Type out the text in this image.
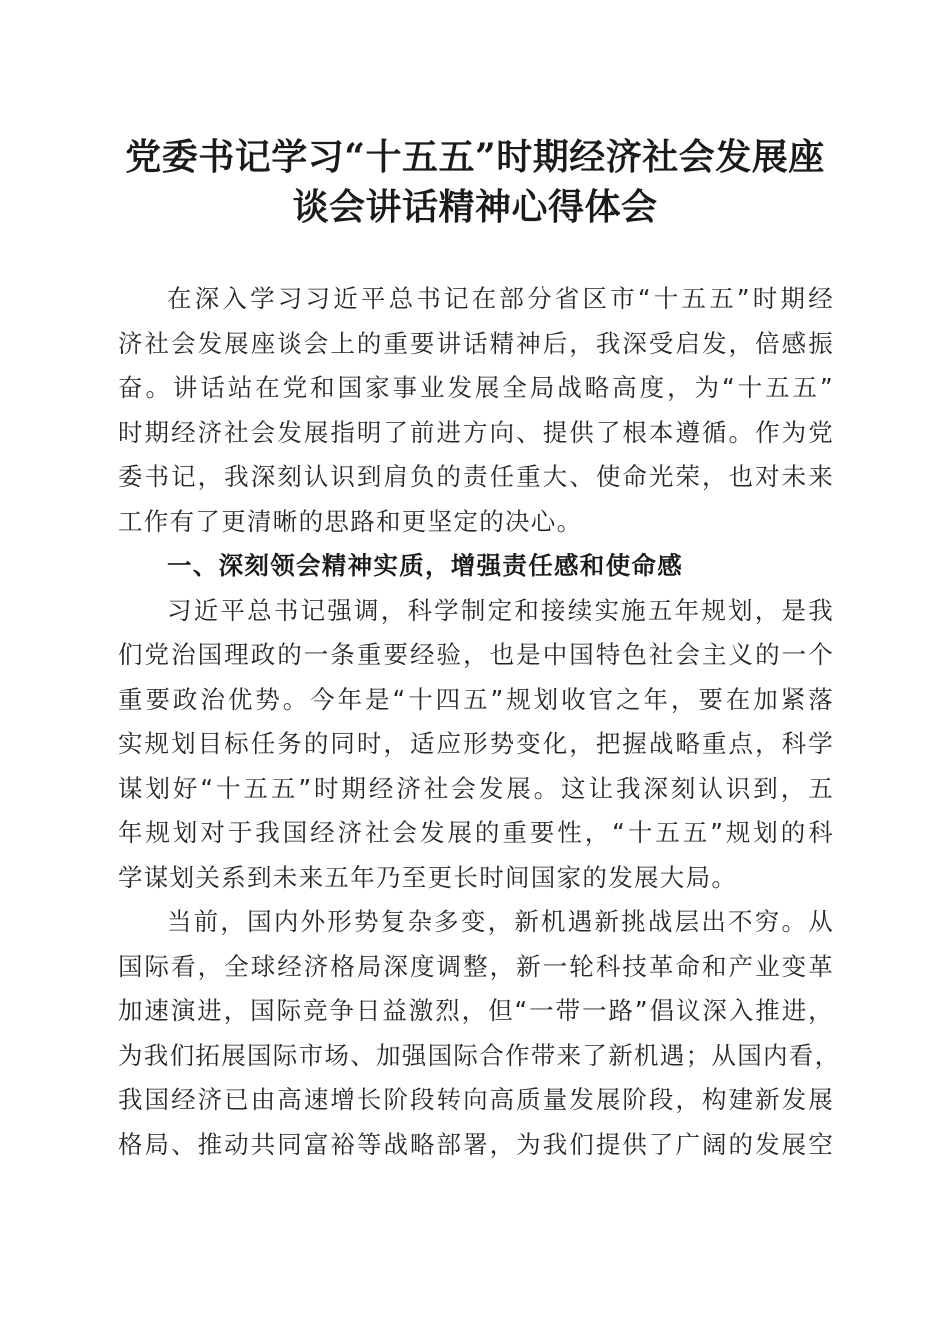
党委书记学习“十五五”时期经济社会发展座
谈会讲话精神心得体会
在深入学习习近平总书记在部分省区市“十五五”时期经
济社会发展座谈会上的重要讲话精神后，我深受启发，倍感振
奋。讲话站在党和国家事业发展全局战略高度，为“十五五”
时期经济社会发展指明了前进方向、提供了根本遵循。作为党
委书记，我深刻认识到肩负的责任重大、使命光荣，也对未来
工作有了更清晰的思路和更坚定的决心。
一、深刻领会精神实质，增强责任感和使命感
习近平总书记强调，科学制定和接续实施五年规划，是我
们党治国理政的一条重要经验，也是中国特色社会主义的一个
重要政治优势。今年是“十四五”规划收官之年，要在加紧落
实规划目标任务的同时，适应形势变化，把握战略重点，科学
谋划好“十五五”时期经济社会发展。这让我深刻认识到，五
年规划对于我国经济社会发展的重要性，“十五五”规划的科
学谋划关系到未来五年乃至更长时间国家的发展大局。
当前，国内外形势复杂多变，新机遇新挑战层出不穷。从
国际看，全球经济格局深度调整，新一轮科技革命和产业变革
加速演进，国际竞争日益激烈，但“一带一路”倡议深入推进，
为我们拓展国际市场、加强国际合作带来了新机遇；从国内看，
我国经济已由高速增长阶段转向高质量发展阶段，构建新发展
格局、推动共同富裕等战略部署，为我们提供了广阔的发展空
